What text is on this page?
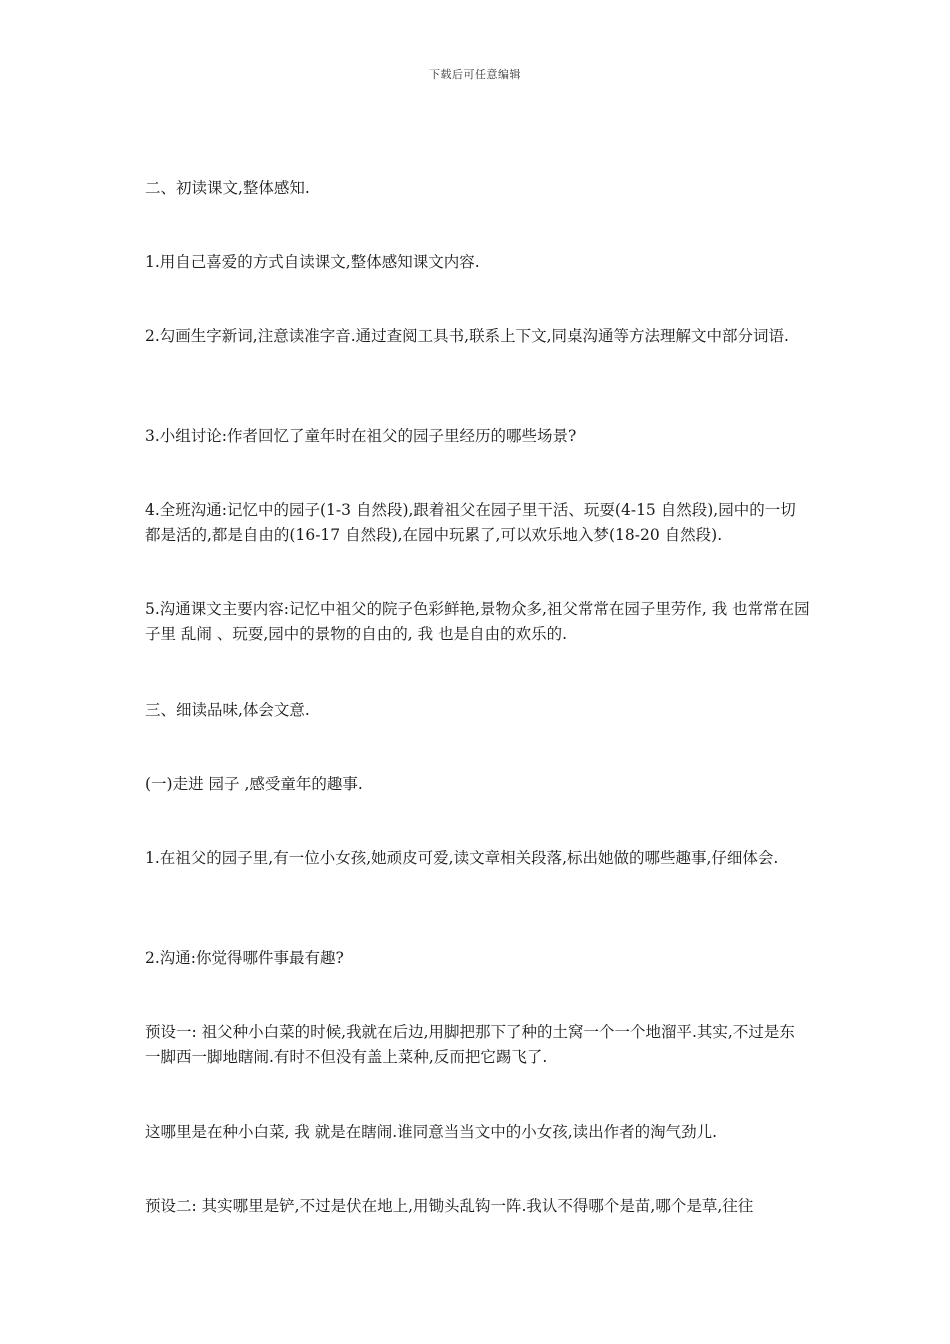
下载后可任意编辑
二、初读课文,整体感知.
1.用自己喜爱的方式自读课文,整体感知课文内容.
2.勾画生字新词,注意读准字音.通过查阅工具书,联系上下文,同桌沟通等方法理解文中部分词语.
3.小组讨论:作者回忆了童年时在祖父的园子里经历的哪些场景?
4.全班沟通:记忆中的园子(1-3 自然段),跟着祖父在园子里干活、玩耍(4-15 自然段),园中的一切都是活的,都是自由的(16-17 自然段),在园中玩累了,可以欢乐地入梦(18-20 自然段).
5.沟通课文主要内容:记忆中祖父的院子色彩鲜艳,景物众多,祖父常常在园子里劳作, 我 也常常在园子里 乱闹 、玩耍,园中的景物的自由的, 我 也是自由的欢乐的.
三、细读品味,体会文意.
(一)走进 园子 ,感受童年的趣事.
1.在祖父的园子里,有一位小女孩,她顽皮可爱,读文章相关段落,标出她做的哪些趣事,仔细体会.
2.沟通:你觉得哪件事最有趣?
预设一: 祖父种小白菜的时候,我就在后边,用脚把那下了种的土窝一个一个地溜平.其实,不过是东一脚西一脚地瞎闹.有时不但没有盖上菜种,反而把它踢飞了.
这哪里是在种小白菜, 我 就是在瞎闹.谁同意当当文中的小女孩,读出作者的淘气劲儿.
预设二: 其实哪里是铲,不过是伏在地上,用锄头乱钩一阵.我认不得哪个是苗,哪个是草,往往
